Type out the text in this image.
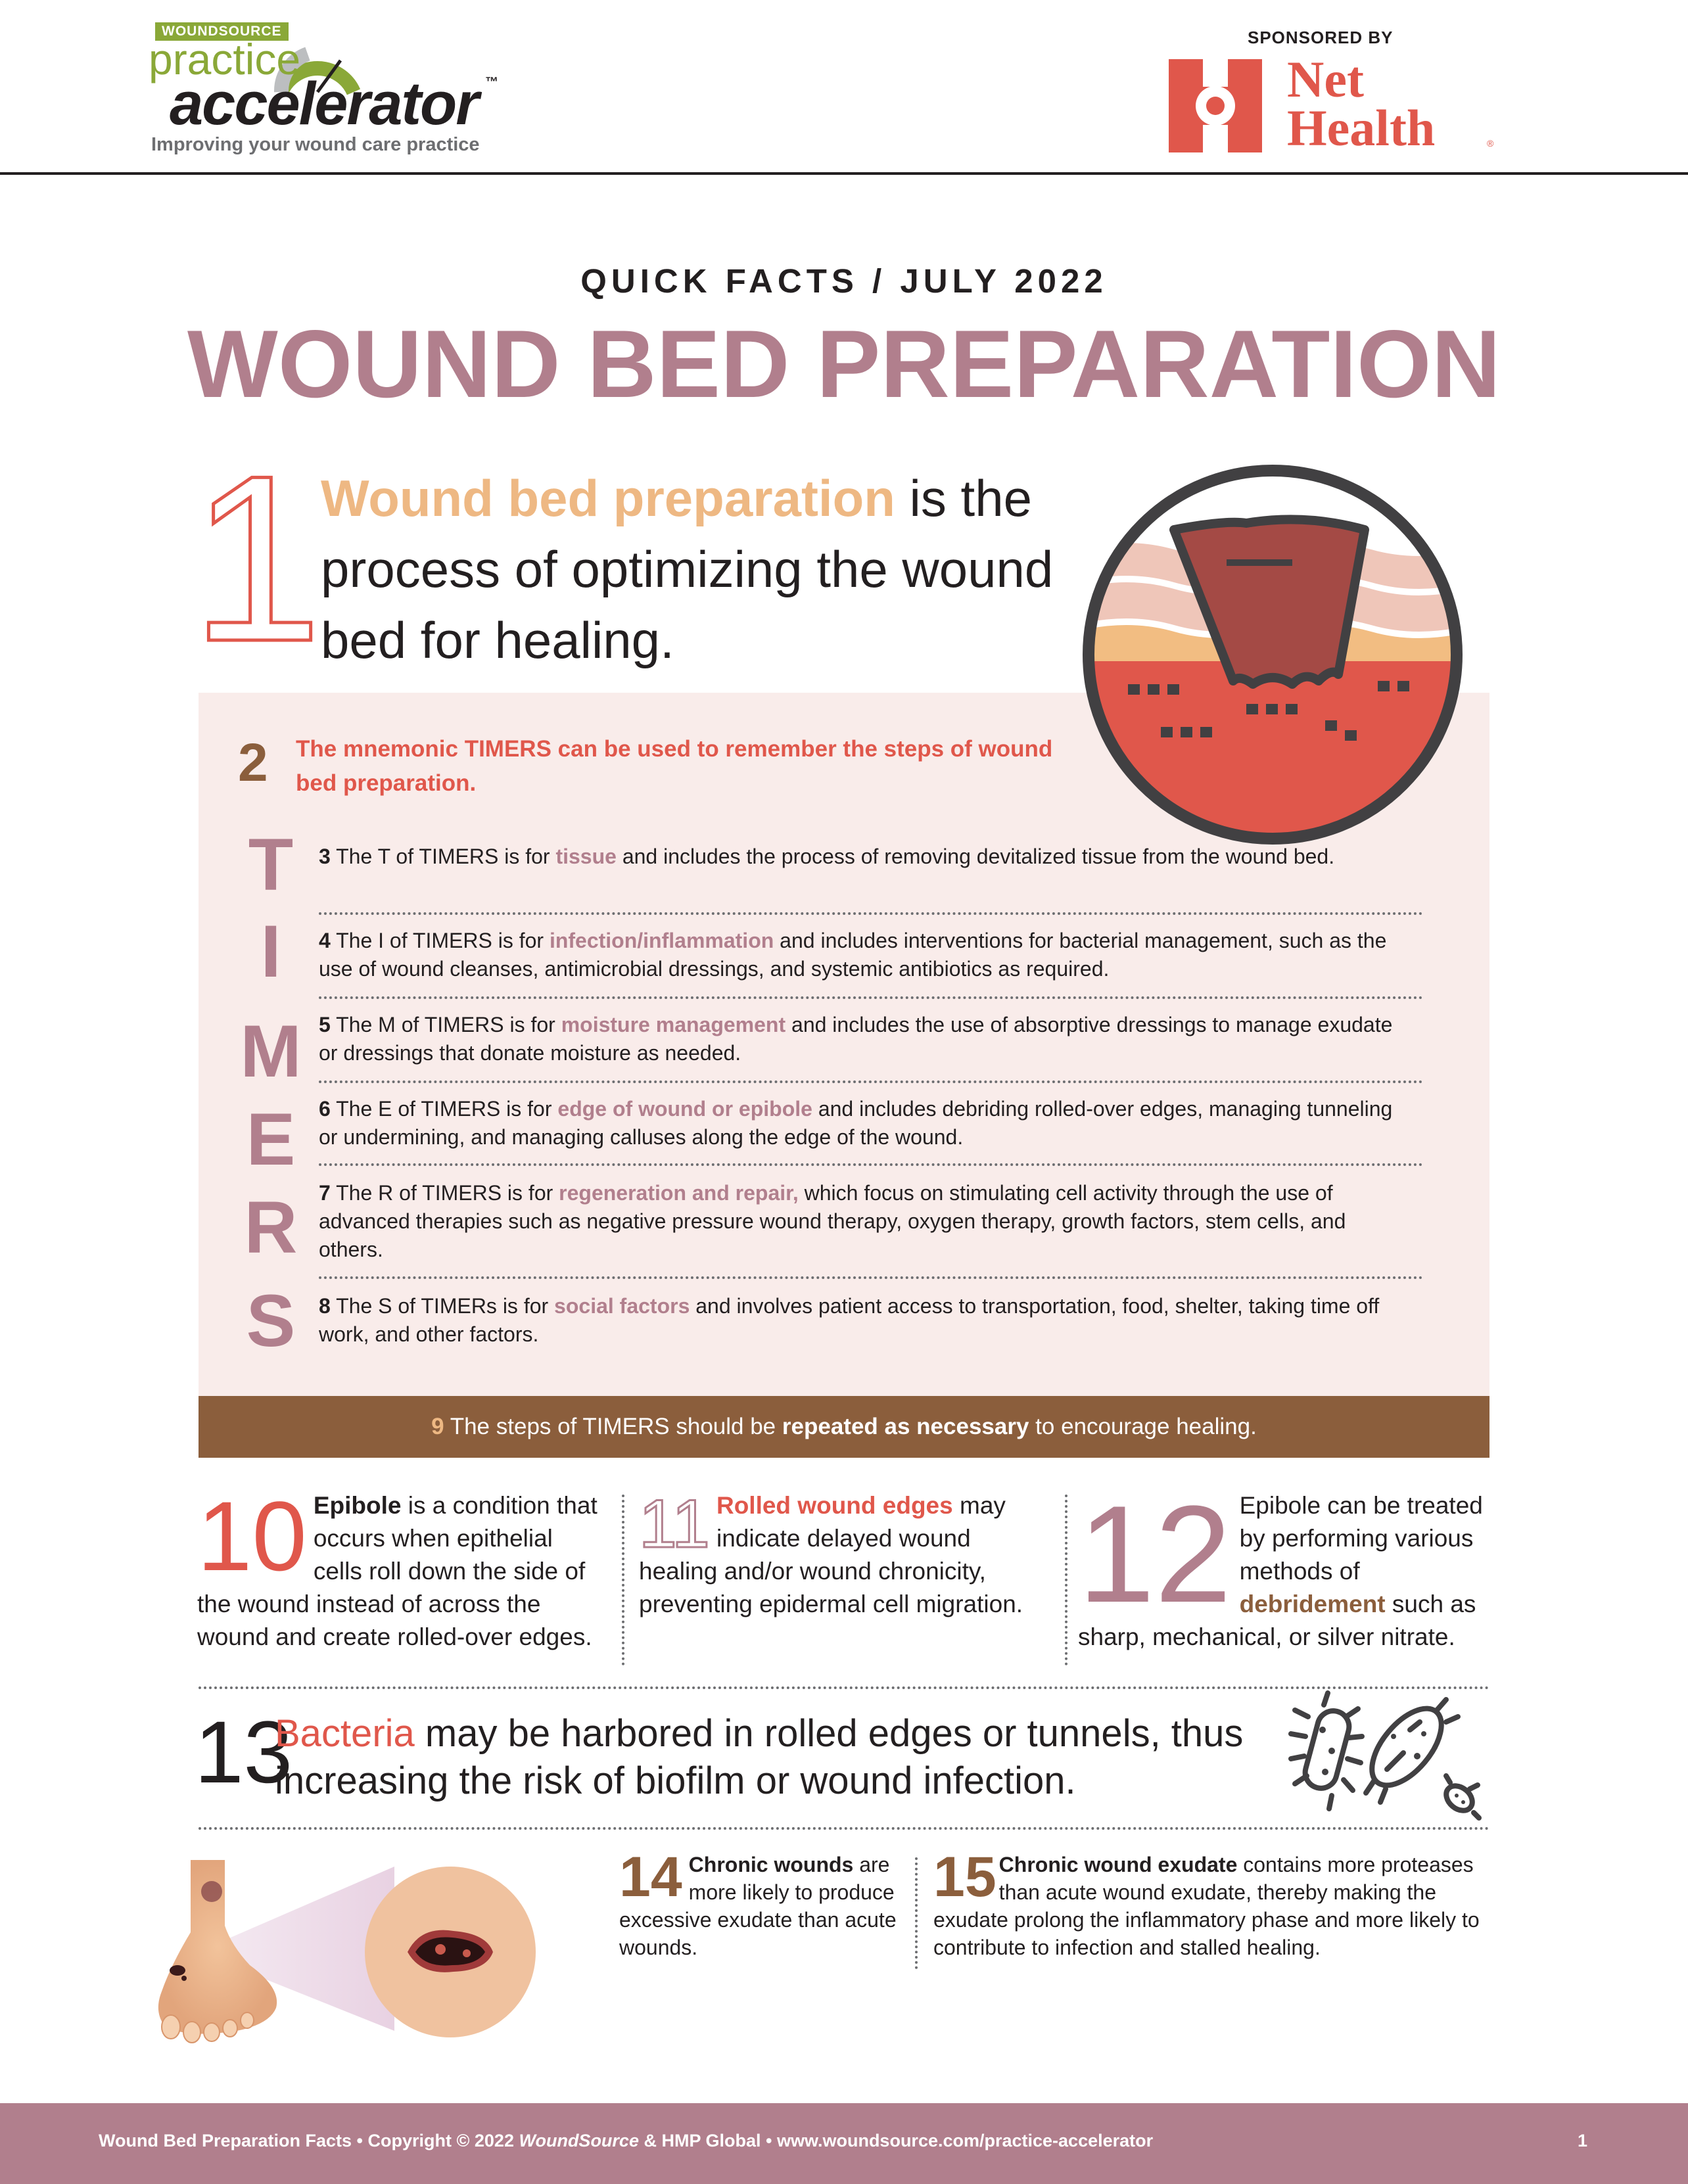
WOUNDSOURCE
practice
accelerator ™
Improving your wound care practice
SPONSORED BY
Net
Health	®
QUICK FACTS / JULY 2022
WOUND BED PREPARATION
1
Wound bed preparation is the process of optimizing the wound bed for healing.
2 The mnemonic TIMERS can be used to remember the steps of wound bed preparation.
T
I
M
E
R
S
3 The T of TIMERS is for tissue and includes the process of removing devitalized tissue from the wound bed.
4 The I of TIMERS is for infection/inflammation and includes interventions for bacterial management, such as the use of wound cleanses, antimicrobial dressings, and systemic antibiotics as required.
5 The M of TIMERS is for moisture management and includes the use of absorptive dressings to manage exudate or dressings that donate moisture as needed.
6 The E of TIMERS is for edge of wound or epibole and includes debriding rolled-over edges, managing tunneling or undermining, and managing calluses along the edge of the wound.
7 The R of TIMERS is for regeneration and repair, which focus on stimulating cell activity through the use of advanced therapies such as negative pressure wound therapy, oxygen therapy, growth factors, stem cells, and others.
8 The S of TIMERs is for social factors and involves patient access to transportation, food, shelter, taking time off work, and other factors.
9 The steps of TIMERS should be repeated as necessary to encourage healing.
10 Epibole is a condition that occurs when epithelial cells roll down the side of the wound instead of across the wound and create rolled-over edges.
11 Rolled wound edges may indicate delayed wound healing and/or wound chronicity, preventing epidermal cell migration. 12 Epibole can be treated by performing various methods of debridement such as sharp, mechanical, or silver nitrate.
13
Bacteria may be harbored in rolled edges or tunnels, thus increasing the risk of biofilm or wound infection.
14 Chronic wounds are more likely to produce excessive exudate than acute wounds.
15 Chronic wound exudate contains more proteases than acute wound exudate, thereby making the exudate prolong the inflammatory phase and more likely to contribute to infection and stalled healing.
Wound Bed Preparation Facts • Copyright © 2022 WoundSource & HMP Global • www.woundsource.com/practice-accelerator	1
